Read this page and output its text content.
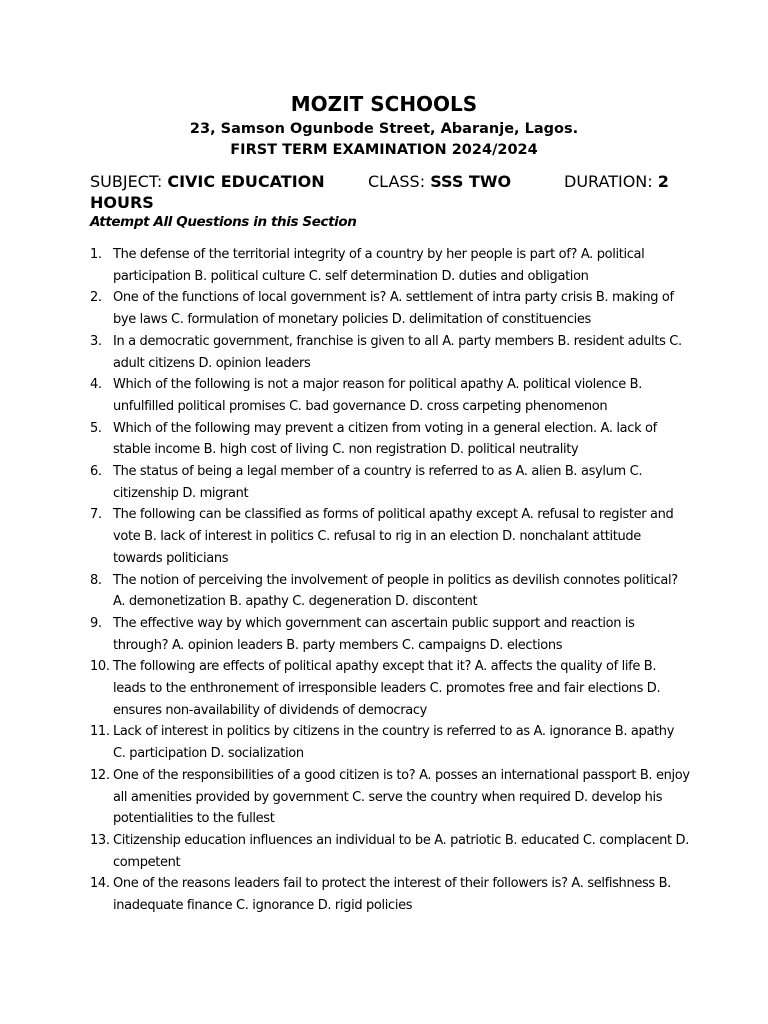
MOZIT SCHOOLS
23, Samson Ogunbode Street, Abaranje, Lagos.
FIRST TERM EXAMINATION 2024/2024
SUBJECT: CIVIC EDUCATION	CLASS: SSS TWO	DURATION: 2
HOURS
Attempt All Questions in this Section
1. The defense of the territorial integrity of a country by her people is part of? A. political participation B. political culture C. self determination D. duties and obligation
2. One of the functions of local government is? A. settlement of intra party crisis B. making of bye laws C. formulation of monetary policies D. delimitation of constituencies
3. In a democratic government, franchise is given to all A. party members B. resident adults C. adult citizens D. opinion leaders
4. Which of the following is not a major reason for political apathy A. political violence B. unfulfilled political promises C. bad governance D. cross carpeting phenomenon
5. Which of the following may prevent a citizen from voting in a general election. A. lack of stable income B. high cost of living C. non registration D. political neutrality
6. The status of being a legal member of a country is referred to as A. alien B. asylum C. citizenship D. migrant
7. The following can be classified as forms of political apathy except A. refusal to register and vote B. lack of interest in politics C. refusal to rig in an election D. nonchalant attitude towards politicians
8. The notion of perceiving the involvement of people in politics as devilish connotes political? A. demonetization B. apathy C. degeneration D. discontent
9. The effective way by which government can ascertain public support and reaction is through? A. opinion leaders B. party members C. campaigns D. elections
10. The following are effects of political apathy except that it? A. affects the quality of life B. leads to the enthronement of irresponsible leaders C. promotes free and fair elections D. ensures non-availability of dividends of democracy
11. Lack of interest in politics by citizens in the country is referred to as A. ignorance B. apathy C. participation D. socialization
12. One of the responsibilities of a good citizen is to? A. posses an international passport B. enjoy all amenities provided by government C. serve the country when required D. develop his potentialities to the fullest
13. Citizenship education influences an individual to be A. patriotic B. educated C. complacent D. competent
14. One of the reasons leaders fail to protect the interest of their followers is? A. selfishness B. inadequate finance C. ignorance D. rigid policies
